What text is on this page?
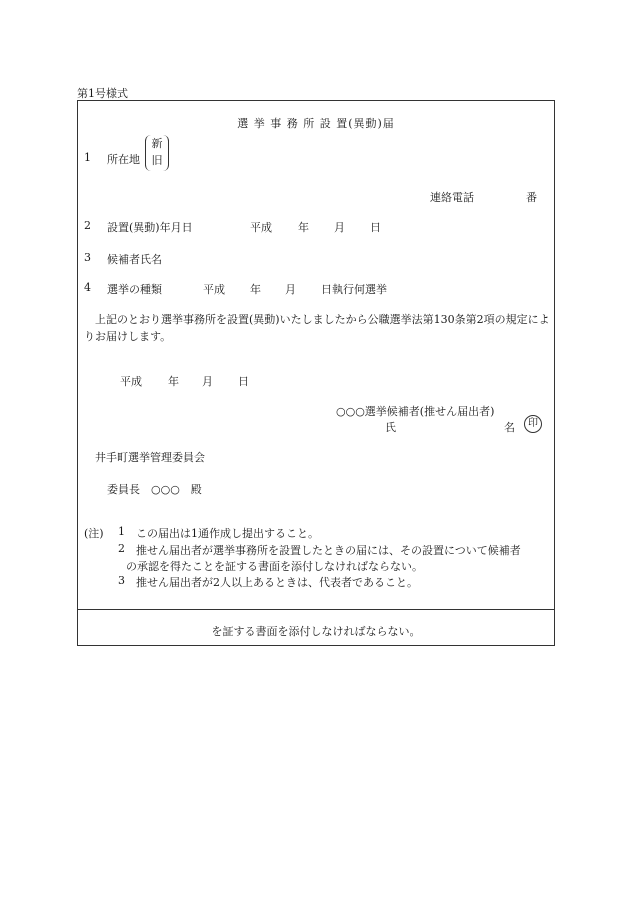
第1号様式
選 挙 事 務 所 設 置(異動)届
1 所在地
新
旧
連絡電話	番
2 設置(異動)年月日	平成 年 月 日
3 候補者氏名
4 選挙の種類	平成 年 月 日執行何選挙
上記のとおり選挙事務所を設置(異動)いたしましたから公職選挙法第130条第2項の規定によりお届けします。
平成 年 月 日
○○○選挙候補者(推せん届出者)
氏	名	印
井手町選挙管理委員会
委員長　○○○　殿
(注) 1 この届出は1通作成し提出すること。
2 推せん届出者が選挙事務所を設置したときの届には、その設置について候補者
の承認を得たことを証する書面を添付しなければならない。
3 推せん届出者が2人以上あるときは、代表者であること。
を証する書面を添付しなければならない。
